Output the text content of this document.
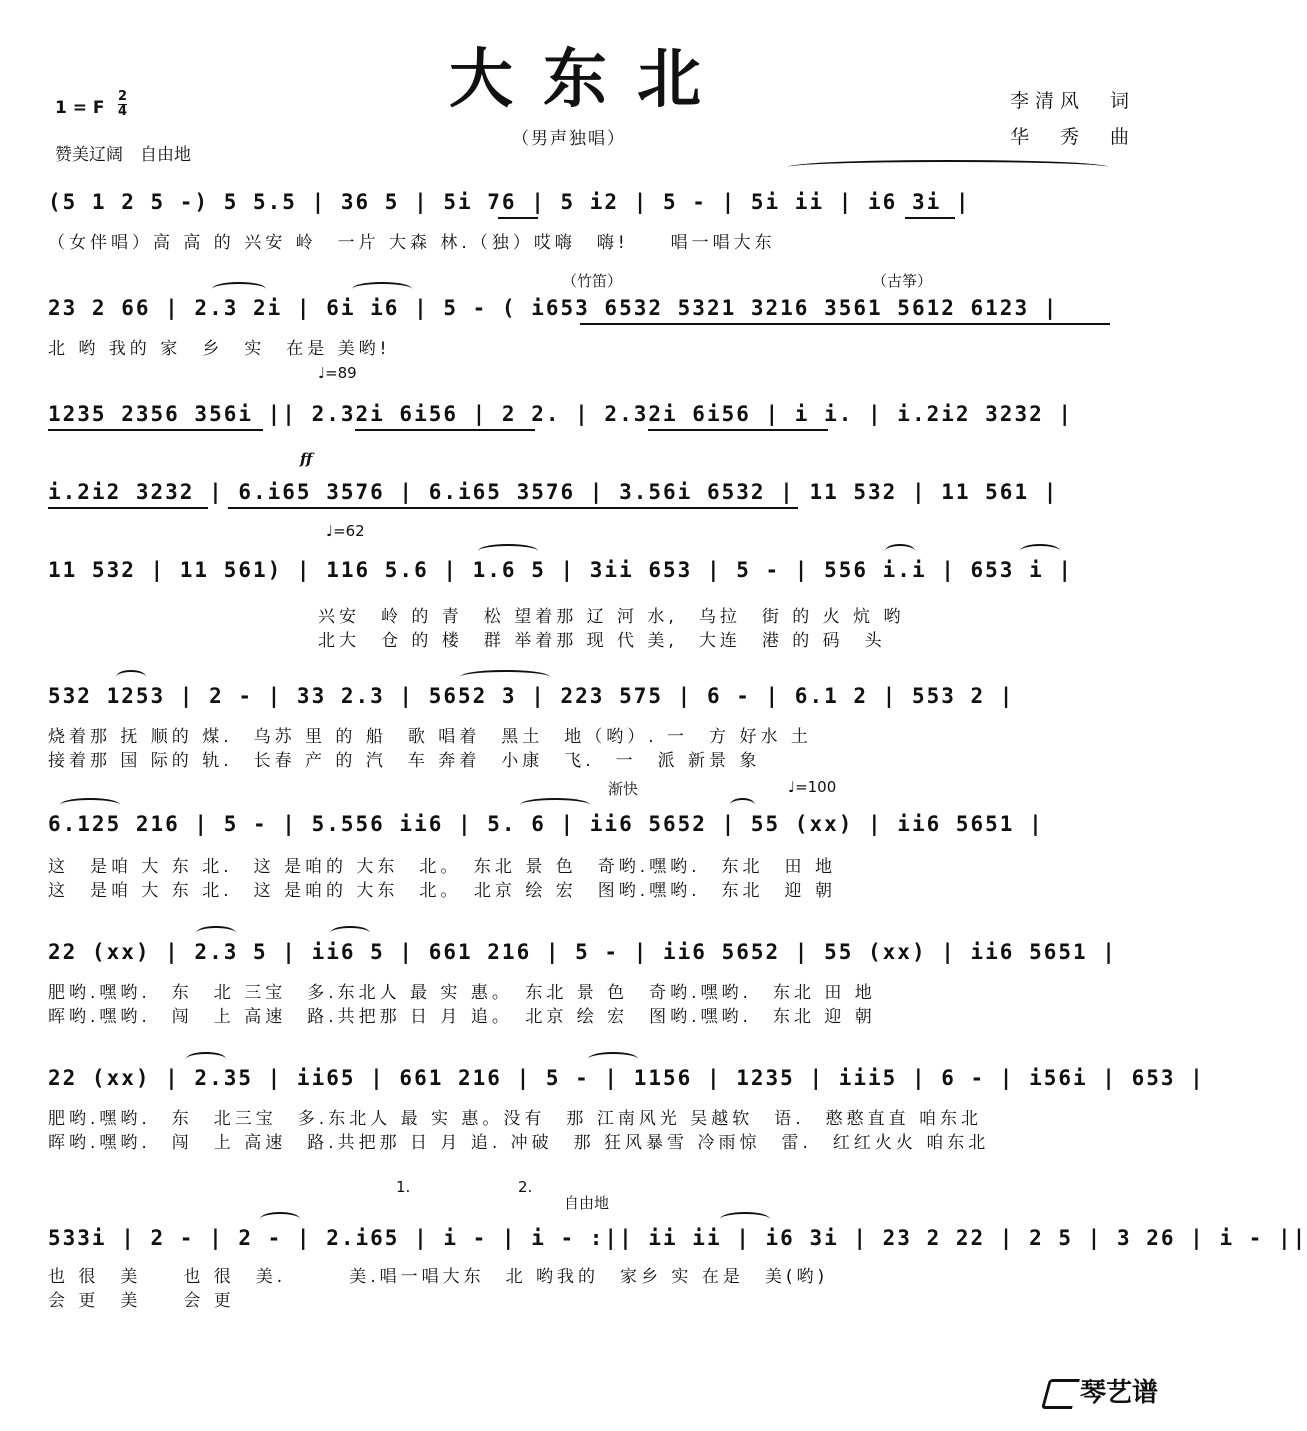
大东北
1 = F
2
4
赞美辽阔　自由地
（男声独唱）
李清风　词
华　秀　曲
(5 1 2 5 -) 5 5.5 | 36 5 | 5i 76 | 5 i2 | 5 - | 5i ii | i6 3i |
（女伴唱）高 高 的 兴安 岭　一片 大森 林.（独）哎嗨　嗨!　　唱一唱大东
（竹笛）	（古筝）
23 2 66 | 2.3 2i | 6i i6 | 5 - ( i653 6532 5321 3216 3561 5612 6123 |
北 哟 我的 家　乡　实　在是 美哟!
♩=89
1235 2356 356i || 2.32i 6i56 | 2 2. | 2.32i 6i56 | i i. | i.2i2 3232 |
ff
i.2i2 3232 | 6.i65 3576 | 6.i65 3576 | 3.56i 6532 | 11 532 | 11 561 |
♩=62
11 532 | 11 561) | 116 5.6 | 1.6 5 | 3ii 653 | 5 - | 556 i.i | 653 i |
兴安　岭 的 青　松 望着那 辽 河 水,　乌拉　街 的 火 炕 哟
北大　仓 的 楼　群 举着那 现 代 美,　大连　港 的 码　头
532 1253 | 2 - | 33 2.3 | 5652 3 | 223 575 | 6 - | 6.1 2 | 553 2 |
烧着那 抚 顺的 煤.　乌苏 里 的 船　歌 唱着　黑土　地（哟）. 一　方 好水 土
接着那 国 际的 轨.　长春 产 的 汽　车 奔着　小康　飞.　一　派 新景 象
渐快	♩=100
6.125 216 | 5 - | 5.556 ii6 | 5. 6 | ii6 5652 | 55 (xx) | ii6 5651 |
这　是咱 大 东 北.　这 是咱的 大东　北。　东北 景 色　奇哟.嘿哟.　东北　田 地
这　是咱 大 东 北.　这 是咱的 大东　北。　北京 绘 宏　图哟.嘿哟.　东北　迎 朝
22 (xx) | 2.3 5 | ii6 5 | 661 216 | 5 - | ii6 5652 | 55 (xx) | ii6 5651 |
肥哟.嘿哟.　东　北 三宝　多.东北人 最 实 惠。　东北 景 色　奇哟.嘿哟.　东北 田 地
晖哟.嘿哟.　闯　上 高速　路.共把那 日 月 追。　北京 绘 宏　图哟.嘿哟.　东北 迎 朝
22 (xx) | 2.35 | ii65 | 661 216 | 5 - | 1156 | 1235 | iii5 | 6 - | i56i | 653 |
肥哟.嘿哟.　东　北三宝　多.东北人 最 实 惠。没有　那 江南风光 吴越软　语.　憨憨直直 咱东北
晖哟.嘿哟.　闯　上 高速　路.共把那 日 月 追. 冲破　那 狂风暴雪 冷雨惊　雷.　红红火火 咱东北
1.	2.
自由地
533i | 2 - | 2 - | 2.i65 | i - | i - :|| ii ii | i6 3i | 23 2 22 | 2 5 | 3 26 | i - ||
也 很　美　　也 很　美.　　　美.唱一唱大东　北 哟我的　家乡 实 在是　美(哟)
会 更　美　　会 更
琴艺谱
